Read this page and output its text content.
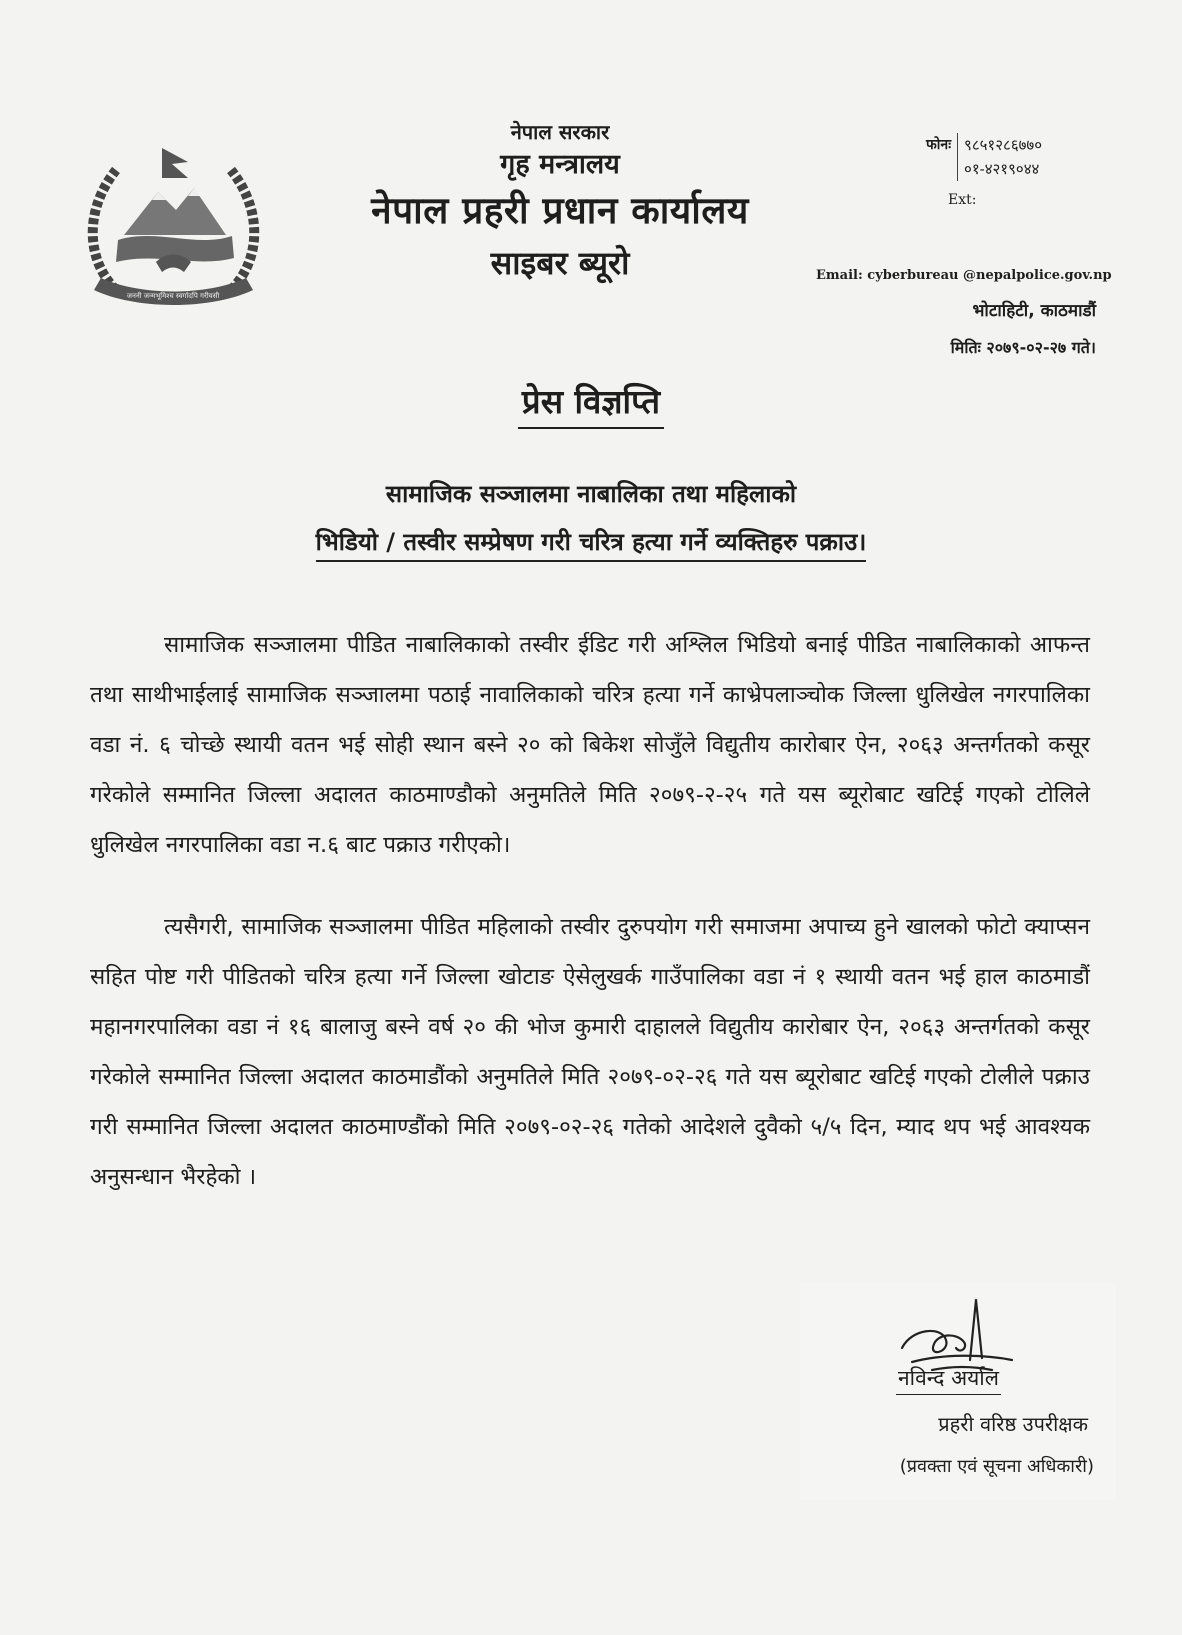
जननी जन्मभूमिश्च स्वर्गादपि गरीयसी
नेपाल सरकार
गृह मन्त्रालय
नेपाल प्रहरी प्रधान कार्यालय
साइबर ब्यूरो
फोनः ९८५१२८६७७०
०१-४२१९०४४
Ext:
Email: cyberbureau @nepalpolice.gov.np
भोटाहिटी, काठमाडौं
मितिः २०७९-०२-२७ गते।
प्रेस विज्ञप्ति
सामाजिक सञ्जालमा नाबालिका तथा महिलाको
भिडियो / तस्वीर सम्प्रेषण गरी चरित्र हत्या गर्ने व्यक्तिहरु पक्राउ।

सामाजिक सञ्जालमा पीडित नाबालिकाको तस्वीर ईडिट गरी अश्लिल भिडियो बनाई पीडित नाबालिकाको आफन्त तथा साथीभाईलाई सामाजिक सञ्जालमा पठाई नावालिकाको चरित्र हत्या गर्ने काभ्रेपलाञ्चोक जिल्ला धुलिखेल नगरपालिका वडा नं. ६ चोच्छे स्थायी वतन भई सोही स्थान बस्ने २० को बिकेश सोजुँले विद्युतीय कारोबार ऐन, २०६३ अन्तर्गतको कसूर गरेकोले सम्मानित जिल्ला अदालत काठमाण्डौको अनुमतिले मिति २०७९-२-२५ गते यस ब्यूरोबाट खटिई गएको टोलिले धुलिखेल नगरपालिका वडा न.६ बाट पक्राउ गरीएको।

त्यसैगरी, सामाजिक सञ्जालमा पीडित महिलाको तस्वीर दुरुपयोग गरी समाजमा अपाच्य हुने खालको फोटो क्याप्सन सहित पोष्ट गरी पीडितको चरित्र हत्या गर्ने जिल्ला खोटाङ ऐसेलुखर्क गाउँपालिका वडा नं १ स्थायी वतन भई हाल काठमाडौं महानगरपालिका वडा नं १६ बालाजु बस्ने वर्ष २० की भोज कुमारी दाहालले विद्युतीय कारोबार ऐन, २०६३ अन्तर्गतको कसूर गरेकोले सम्मानित जिल्ला अदालत काठमाडौंको अनुमतिले मिति २०७९-०२-२६ गते यस ब्यूरोबाट खटिई गएको टोलीले पक्राउ गरी सम्मानित जिल्ला अदालत काठमाण्डौंको मिति २०७९-०२-२६ गतेको आदेशले दुवैको ५/५ दिन, म्याद थप भई आवश्यक अनुसन्धान भैरहेको ।

नविन्द अर्याल
प्रहरी वरिष्ठ उपरीक्षक
(प्रवक्ता एवं सूचना अधिकारी)
